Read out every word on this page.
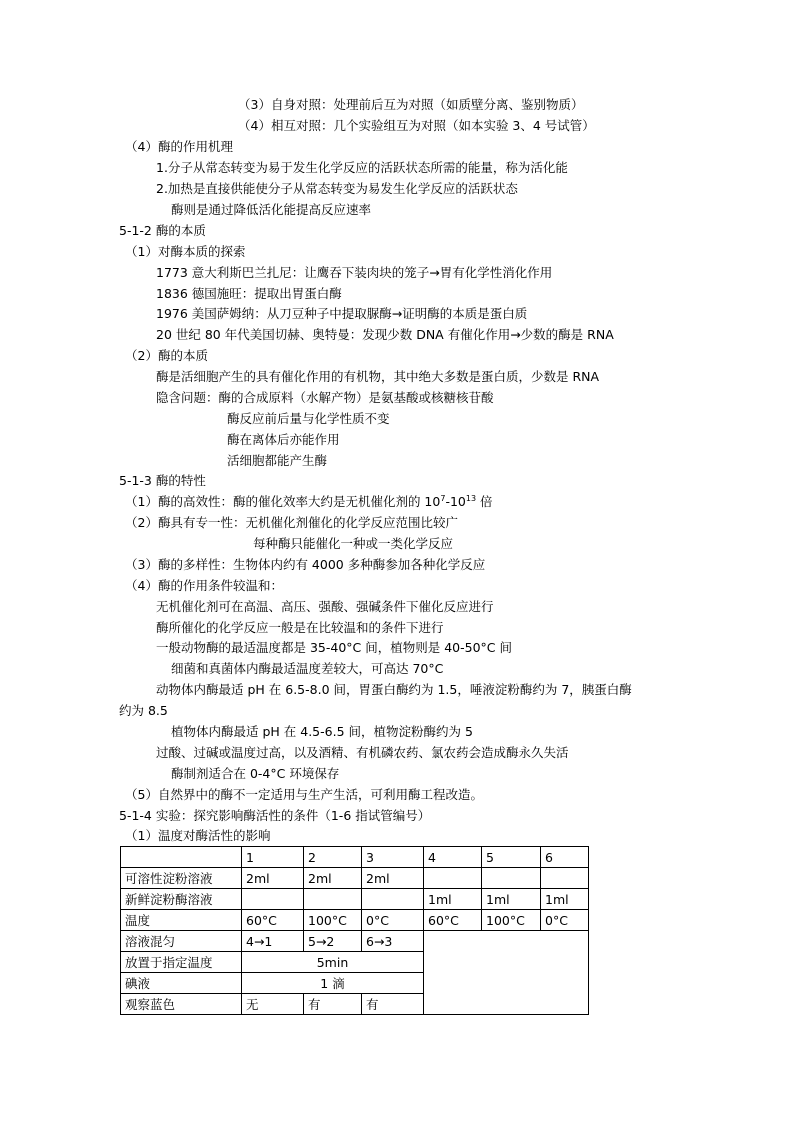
（3）自身对照：处理前后互为对照（如质壁分离、鉴别物质）
（4）相互对照：几个实验组互为对照（如本实验 3、4 号试管）
（4）酶的作用机理
1.分子从常态转变为易于发生化学反应的活跃状态所需的能量，称为活化能
2.加热是直接供能使分子从常态转变为易发生化学反应的活跃状态
酶则是通过降低活化能提高反应速率
5-1-2 酶的本质
（1）对酶本质的探索
1773 意大利斯巴兰扎尼：让鹰吞下装肉块的笼子→胃有化学性消化作用
1836 德国施旺：提取出胃蛋白酶
1976 美国萨姆纳：从刀豆种子中提取脲酶→证明酶的本质是蛋白质
20 世纪 80 年代美国切赫、奥特曼：发现少数 DNA 有催化作用→少数的酶是 RNA
（2）酶的本质
酶是活细胞产生的具有催化作用的有机物，其中绝大多数是蛋白质，少数是 RNA
隐含问题：酶的合成原料（水解产物）是氨基酸或核糖核苷酸
酶反应前后量与化学性质不变
酶在离体后亦能作用
活细胞都能产生酶
5-1-3 酶的特性
（1）酶的高效性：酶的催化效率大约是无机催化剂的 $10^7-10^{13}$ 倍
（2）酶具有专一性：无机催化剂催化的化学反应范围比较广
每种酶只能催化一种或一类化学反应
（3）酶的多样性：生物体内约有 4000 多种酶参加各种化学反应
（4）酶的作用条件较温和：
无机催化剂可在高温、高压、强酸、强碱条件下催化反应进行
酶所催化的化学反应一般是在比较温和的条件下进行
一般动物酶的最适温度都是 35-40°C 间，植物则是 40-50°C 间
细菌和真菌体内酶最适温度差较大，可高达 70°C
动物体内酶最适 pH 在 6.5-8.0 间，胃蛋白酶约为 1.5，唾液淀粉酶约为 7，胰蛋白酶
约为 8.5
植物体内酶最适 pH 在 4.5-6.5 间，植物淀粉酶约为 5
过酸、过碱或温度过高，以及酒精、有机磷农药、氯农药会造成酶永久失活
酶制剂适合在 0-4°C 环境保存
（5）自然界中的酶不一定适用与生产生活，可利用酶工程改造。
5-1-4 实验：探究影响酶活性的条件（1-6 指试管编号）
（1）温度对酶活性的影响
	1	2	3	4	5	6
可溶性淀粉溶液	2ml	2ml	2ml			
新鲜淀粉酶溶液				1ml	1ml	1ml
温度	60°C	100°C	0°C	60°C	100°C	0°C
溶液混匀	4→1	5→2	6→3			
放置于指定温度	5min					
碘液	1 滴					
观察蓝色	无	有	有			
